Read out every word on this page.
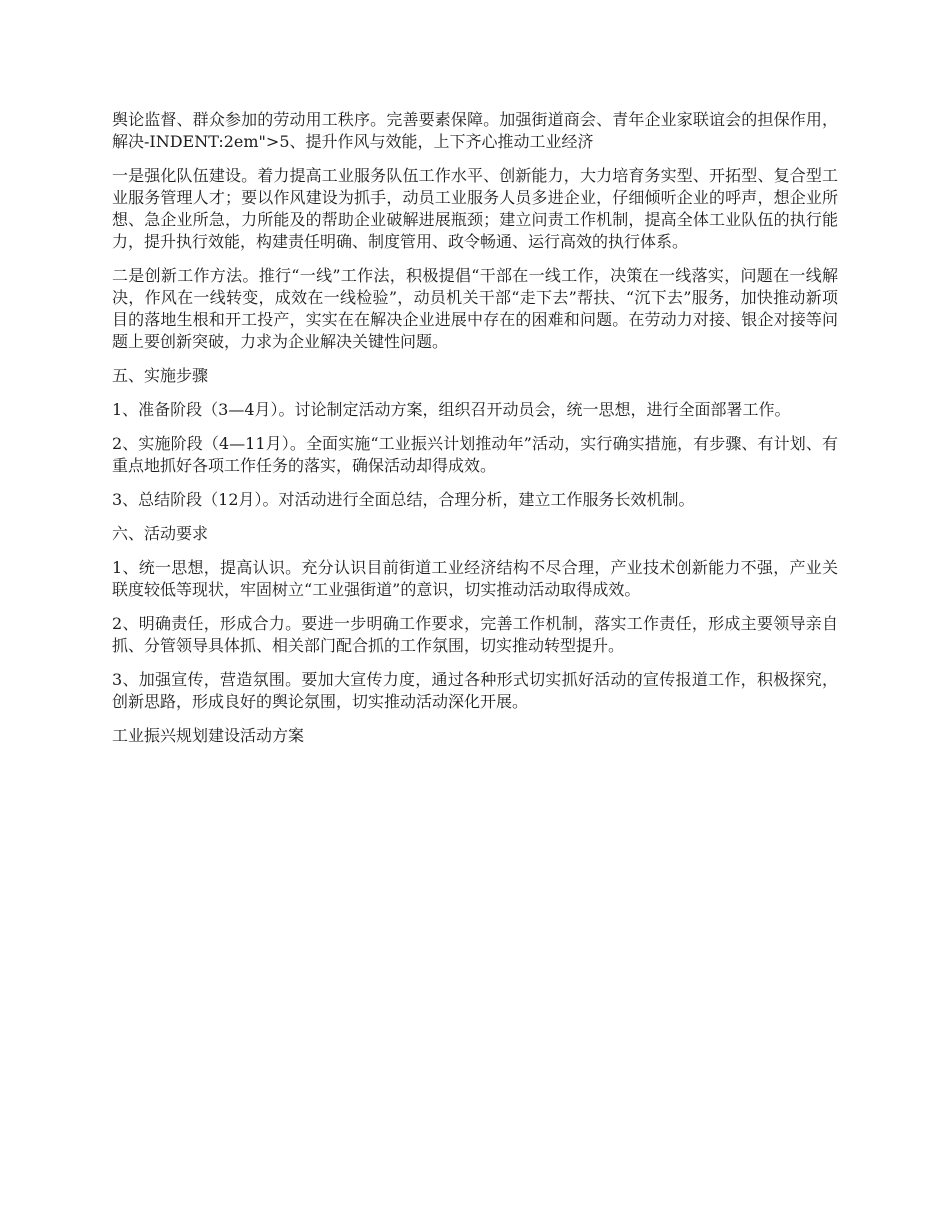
舆论监督、群众参加的劳动用工秩序。完善要素保障。加强街道商会、青年企业家联谊会的担保作用，解决-INDENT:2em">5、提升作风与效能，上下齐心推动工业经济

一是强化队伍建设。着力提高工业服务队伍工作水平、创新能力，大力培育务实型、开拓型、复合型工业服务管理人才；要以作风建设为抓手，动员工业服务人员多进企业，仔细倾听企业的呼声，想企业所想、急企业所急，力所能及的帮助企业破解进展瓶颈；建立问责工作机制，提高全体工业队伍的执行能力，提升执行效能，构建责任明确、制度管用、政令畅通、运行高效的执行体系。

二是创新工作方法。推行“一线”工作法，积极提倡“干部在一线工作，决策在一线落实，问题在一线解决，作风在一线转变，成效在一线检验”，动员机关干部“走下去”帮扶、“沉下去”服务，加快推动新项目的落地生根和开工投产，实实在在解决企业进展中存在的困难和问题。在劳动力对接、银企对接等问题上要创新突破，力求为企业解决关键性问题。

五、实施步骤

1、准备阶段（3—4月）。讨论制定活动方案，组织召开动员会，统一思想，进行全面部署工作。

2、实施阶段（4—11月）。全面实施“工业振兴计划推动年”活动，实行确实措施，有步骤、有计划、有重点地抓好各项工作任务的落实，确保活动却得成效。

3、总结阶段（12月）。对活动进行全面总结，合理分析，建立工作服务长效机制。

六、活动要求

1、统一思想，提高认识。充分认识目前街道工业经济结构不尽合理，产业技术创新能力不强，产业关联度较低等现状，牢固树立“工业强街道”的意识，切实推动活动取得成效。

2、明确责任，形成合力。要进一步明确工作要求，完善工作机制，落实工作责任，形成主要领导亲自抓、分管领导具体抓、相关部门配合抓的工作氛围，切实推动转型提升。

3、加强宣传，营造氛围。要加大宣传力度，通过各种形式切实抓好活动的宣传报道工作，积极探究，创新思路，形成良好的舆论氛围，切实推动活动深化开展。

工业振兴规划建设活动方案
